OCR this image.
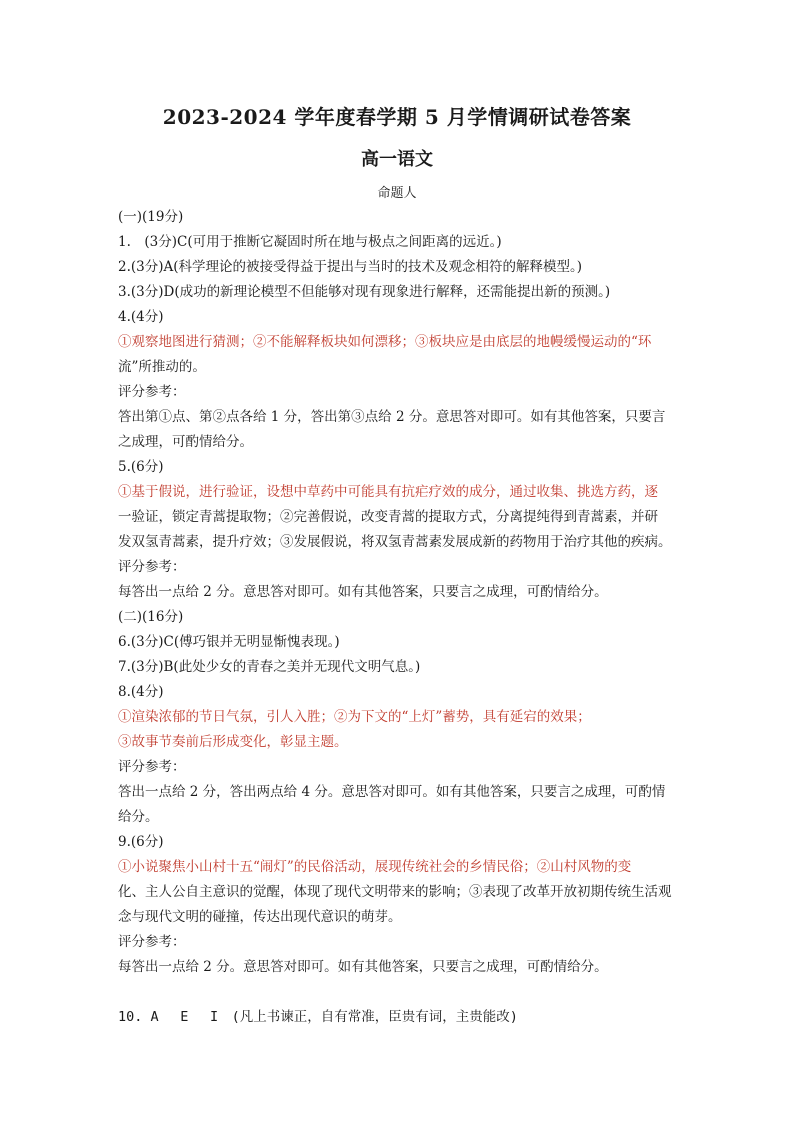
2023-2024 学年度春学期 5 月学情调研试卷答案
高一语文
命题人
(一)(19分)
1.　(3分)C(可用于推断它凝固时所在地与极点之间距离的远近。)
2.(3分)A(科学理论的被接受得益于提出与当时的技术及观念相符的解释模型。)
3.(3分)D(成功的新理论模型不但能够对现有现象进行解释，还需能提出新的预测。)
4.(4分)
①观察地图进行猜测；②不能解释板块如何漂移；③板块应是由底层的地幔缓慢运动的“环
流”所推动的。
评分参考：
答出第①点、第②点各给 1 分，答出第③点给 2 分。意思答对即可。如有其他答案，只要言
之成理，可酌情给分。
5.(6分)
①基于假说，进行验证，设想中草药中可能具有抗疟疗效的成分，通过收集、挑选方药，逐
一验证，锁定青蒿提取物；②完善假说，改变青蒿的提取方式，分离提纯得到青蒿素，并研
发双氢青蒿素，提升疗效；③发展假说，将双氢青蒿素发展成新的药物用于治疗其他的疾病。
评分参考：
每答出一点给 2 分。意思答对即可。如有其他答案，只要言之成理，可酌情给分。
(二)(16分)
6.(3分)C(傅巧银并无明显惭愧表现。)
7.(3分)B(此处少女的青春之美并无现代文明气息。)
8.(4分)
①渲染浓郁的节日气氛，引人入胜；②为下文的“上灯”蓄势，具有延宕的效果；
③故事节奏前后形成变化，彰显主题。
评分参考：
答出一点给 2 分，答出两点给 4 分。意思答对即可。如有其他答案，只要言之成理，可酌情
给分。
9.(6分)
①小说聚焦小山村十五“闹灯”的民俗活动，展现传统社会的乡情民俗；②山村风物的变
化、主人公自主意识的觉醒，体现了现代文明带来的影响；③表现了改革开放初期传统生活观
念与现代文明的碰撞，传达出现代意识的萌芽。
评分参考：
每答出一点给 2 分。意思答对即可。如有其他答案，只要言之成理，可酌情给分。
10. A　 E　 I　(凡上书谏正，自有常准，臣贵有词，主贵能改)
